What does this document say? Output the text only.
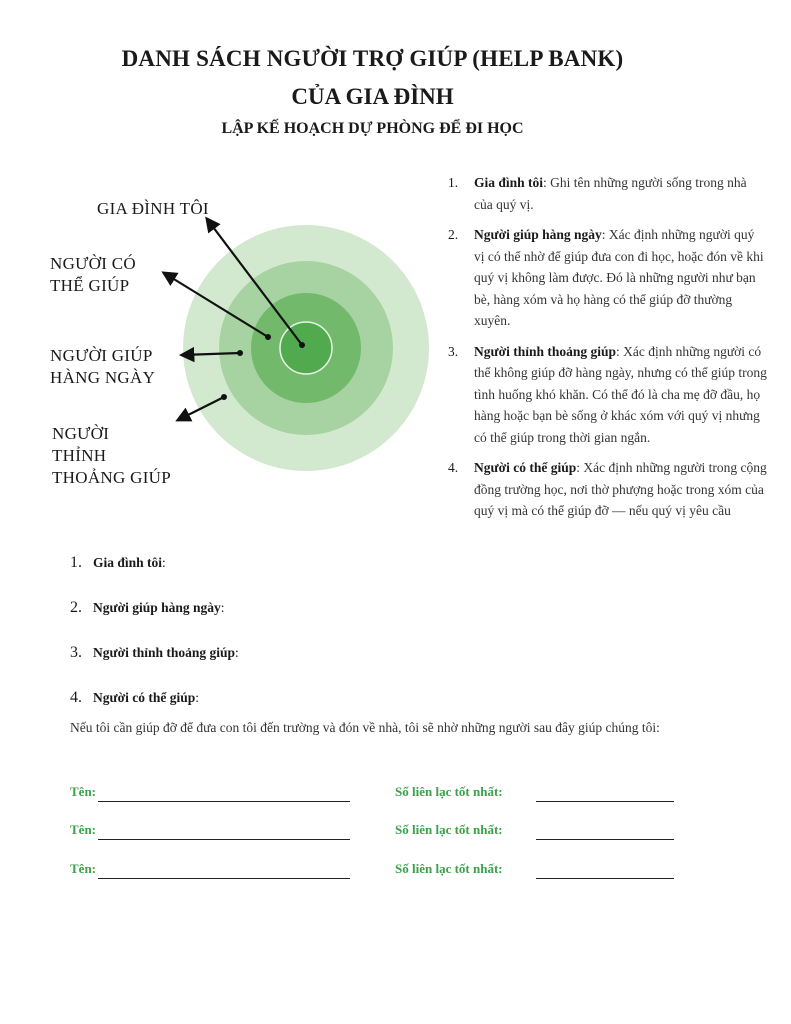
DANH SÁCH NGƯỜI TRỢ GIÚP (HELP BANK)
CỦA GIA ĐÌNH
LẬP KẾ HOẠCH DỰ PHÒNG ĐỂ ĐI HỌC
GIA ĐÌNH TÔI
NGƯỜI CÓ
THỂ GIÚP
NGƯỜI GIÚP
HÀNG NGÀY
NGƯỜI
THỈNH
THOẢNG GIÚP
1. Gia đình tôi: Ghi tên những người sống trong nhà của quý vị.
2. Người giúp hàng ngày: Xác định những người quý vị có thể nhờ để giúp đưa con đi học, hoặc đón về khi quý vị không làm được. Đó là những người như bạn bè, hàng xóm và họ hàng có thể giúp đỡ thường xuyên.
3. Người thỉnh thoảng giúp: Xác định những người có thể không giúp đỡ hàng ngày, nhưng có thể giúp trong tình huống khó khăn. Có thể đó là cha mẹ đỡ đầu, họ hàng hoặc bạn bè sống ở khác xóm với quý vị nhưng có thể giúp trong thời gian ngắn.
4. Người có thể giúp: Xác định những người trong cộng đồng trường học, nơi thờ phượng hoặc trong xóm của quý vị mà có thể giúp đỡ — nếu quý vị yêu cầu
1. Gia đình tôi :
2. Người giúp hàng ngày :
3. Người thỉnh thoảng giúp :
4. Người có thể giúp :
Nếu tôi cần giúp đỡ để đưa con tôi đến trường và đón về nhà, tôi sẽ nhờ những người sau đây giúp chúng tôi:
Tên:	Số liên lạc tốt nhất:
Tên:	Số liên lạc tốt nhất:
Tên:	Số liên lạc tốt nhất:
